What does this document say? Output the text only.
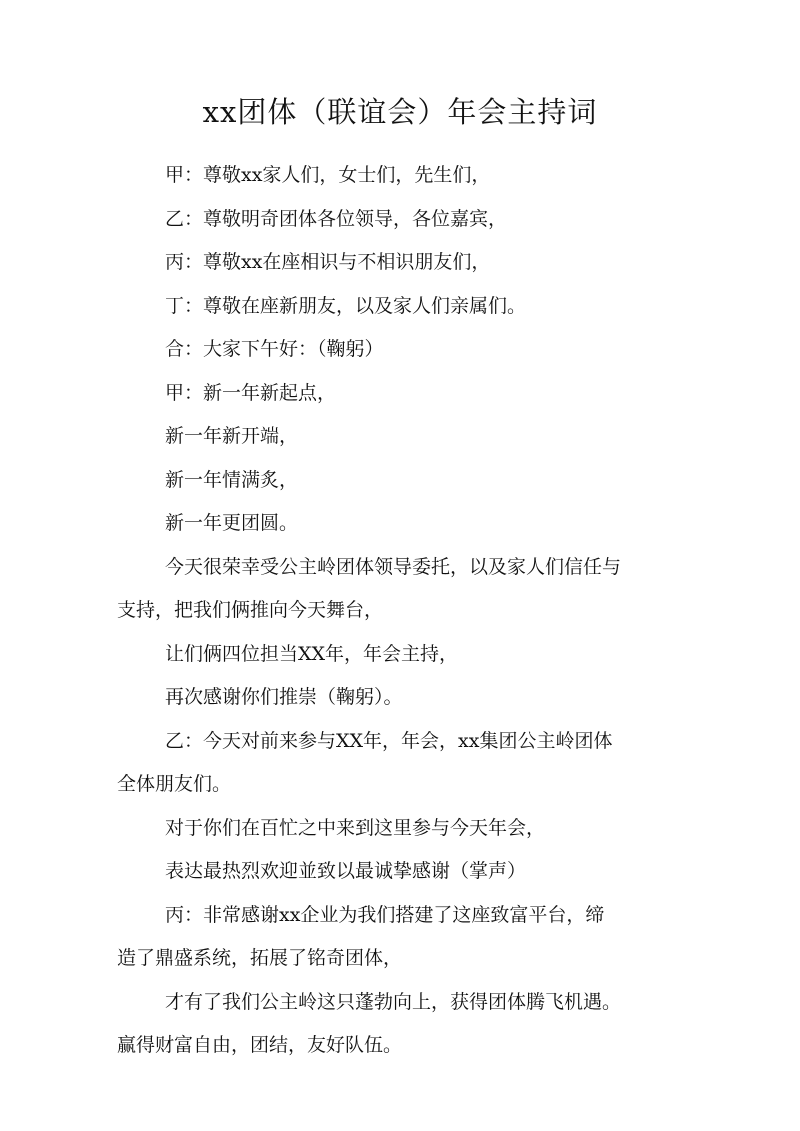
xx团体（联谊会）年会主持词
甲：尊敬xx家人们，女士们，先生们，
乙：尊敬明奇团体各位领导，各位嘉宾，
丙：尊敬xx在座相识与不相识朋友们，
丁：尊敬在座新朋友，以及家人们亲属们。
合：大家下午好：（鞠躬）
甲：新一年新起点，
新一年新开端，
新一年情满炙，
新一年更团圆。
今天很荣幸受公主岭团体领导委托，以及家人们信任与
支持，把我们俩推向今天舞台，
让们俩四位担当XX年，年会主持，
再次感谢你们推崇（鞠躬）。
乙：今天对前来参与XX年，年会，xx集团公主岭团体
全体朋友们。
对于你们在百忙之中来到这里参与今天年会，
表达最热烈欢迎並致以最诚挚感谢（掌声）
丙：非常感谢xx企业为我们搭建了这座致富平台，缔
造了鼎盛系统，拓展了铭奇团体，
才有了我们公主岭这只蓬勃向上，获得团体腾飞机遇。
赢得财富自由，团结，友好队伍。
